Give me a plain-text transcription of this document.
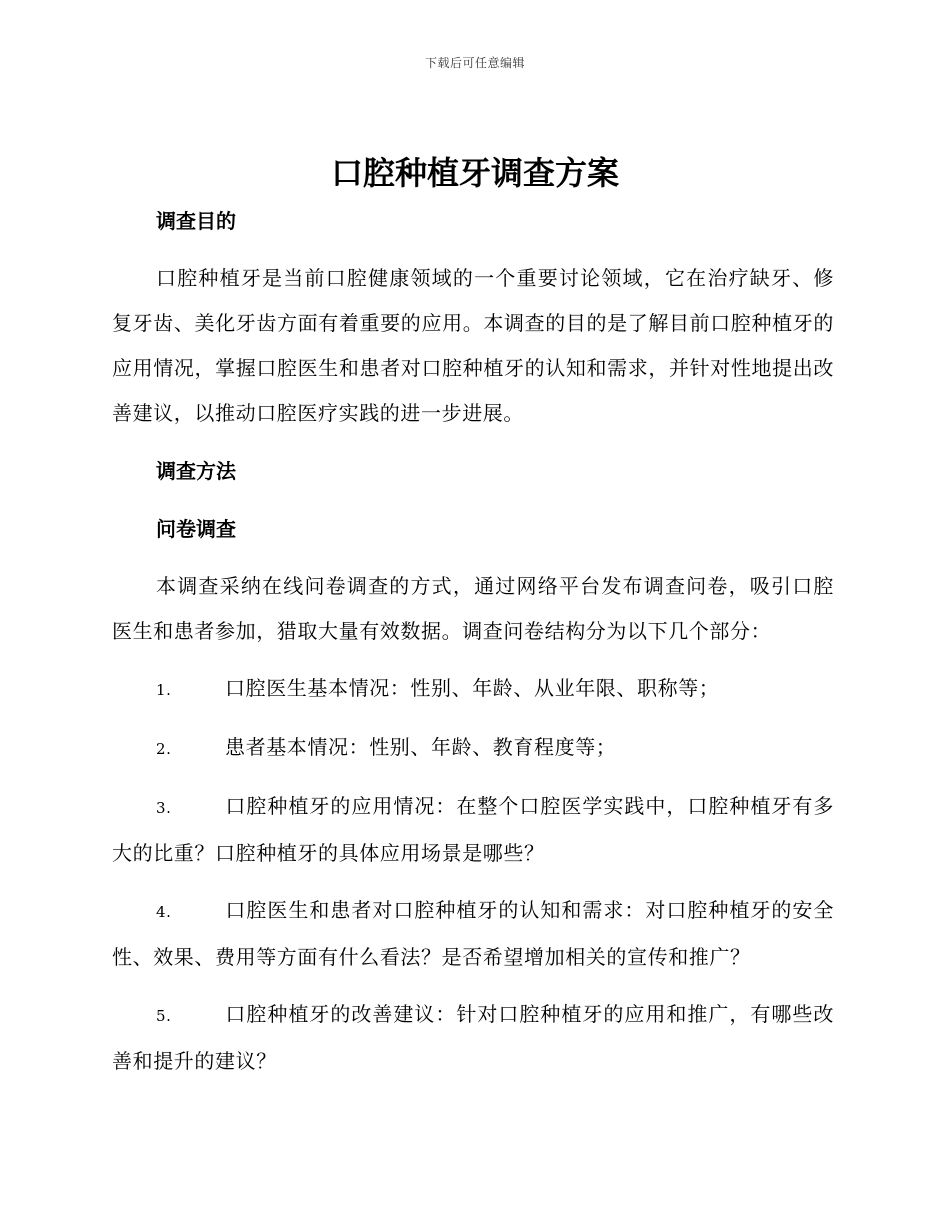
下载后可任意编辑
口腔种植牙调查方案

调查目的

口腔种植牙是当前口腔健康领域的一个重要讨论领域，它在治疗缺牙、修复牙齿、美化牙齿方面有着重要的应用。本调查的目的是了解目前口腔种植牙的应用情况，掌握口腔医生和患者对口腔种植牙的认知和需求，并针对性地提出改善建议，以推动口腔医疗实践的进一步进展。

调查方法

问卷调查

本调查采纳在线问卷调查的方式，通过网络平台发布调查问卷，吸引口腔医生和患者参加，猎取大量有效数据。调查问卷结构分为以下几个部分：

1.	口腔医生基本情况：性别、年龄、从业年限、职称等；

2.	患者基本情况：性别、年龄、教育程度等；

3.	口腔种植牙的应用情况：在整个口腔医学实践中，口腔种植牙有多大的比重？口腔种植牙的具体应用场景是哪些？

4.	口腔医生和患者对口腔种植牙的认知和需求：对口腔种植牙的安全性、效果、费用等方面有什么看法？是否希望增加相关的宣传和推广？

5.	口腔种植牙的改善建议：针对口腔种植牙的应用和推广，有哪些改善和提升的建议？
